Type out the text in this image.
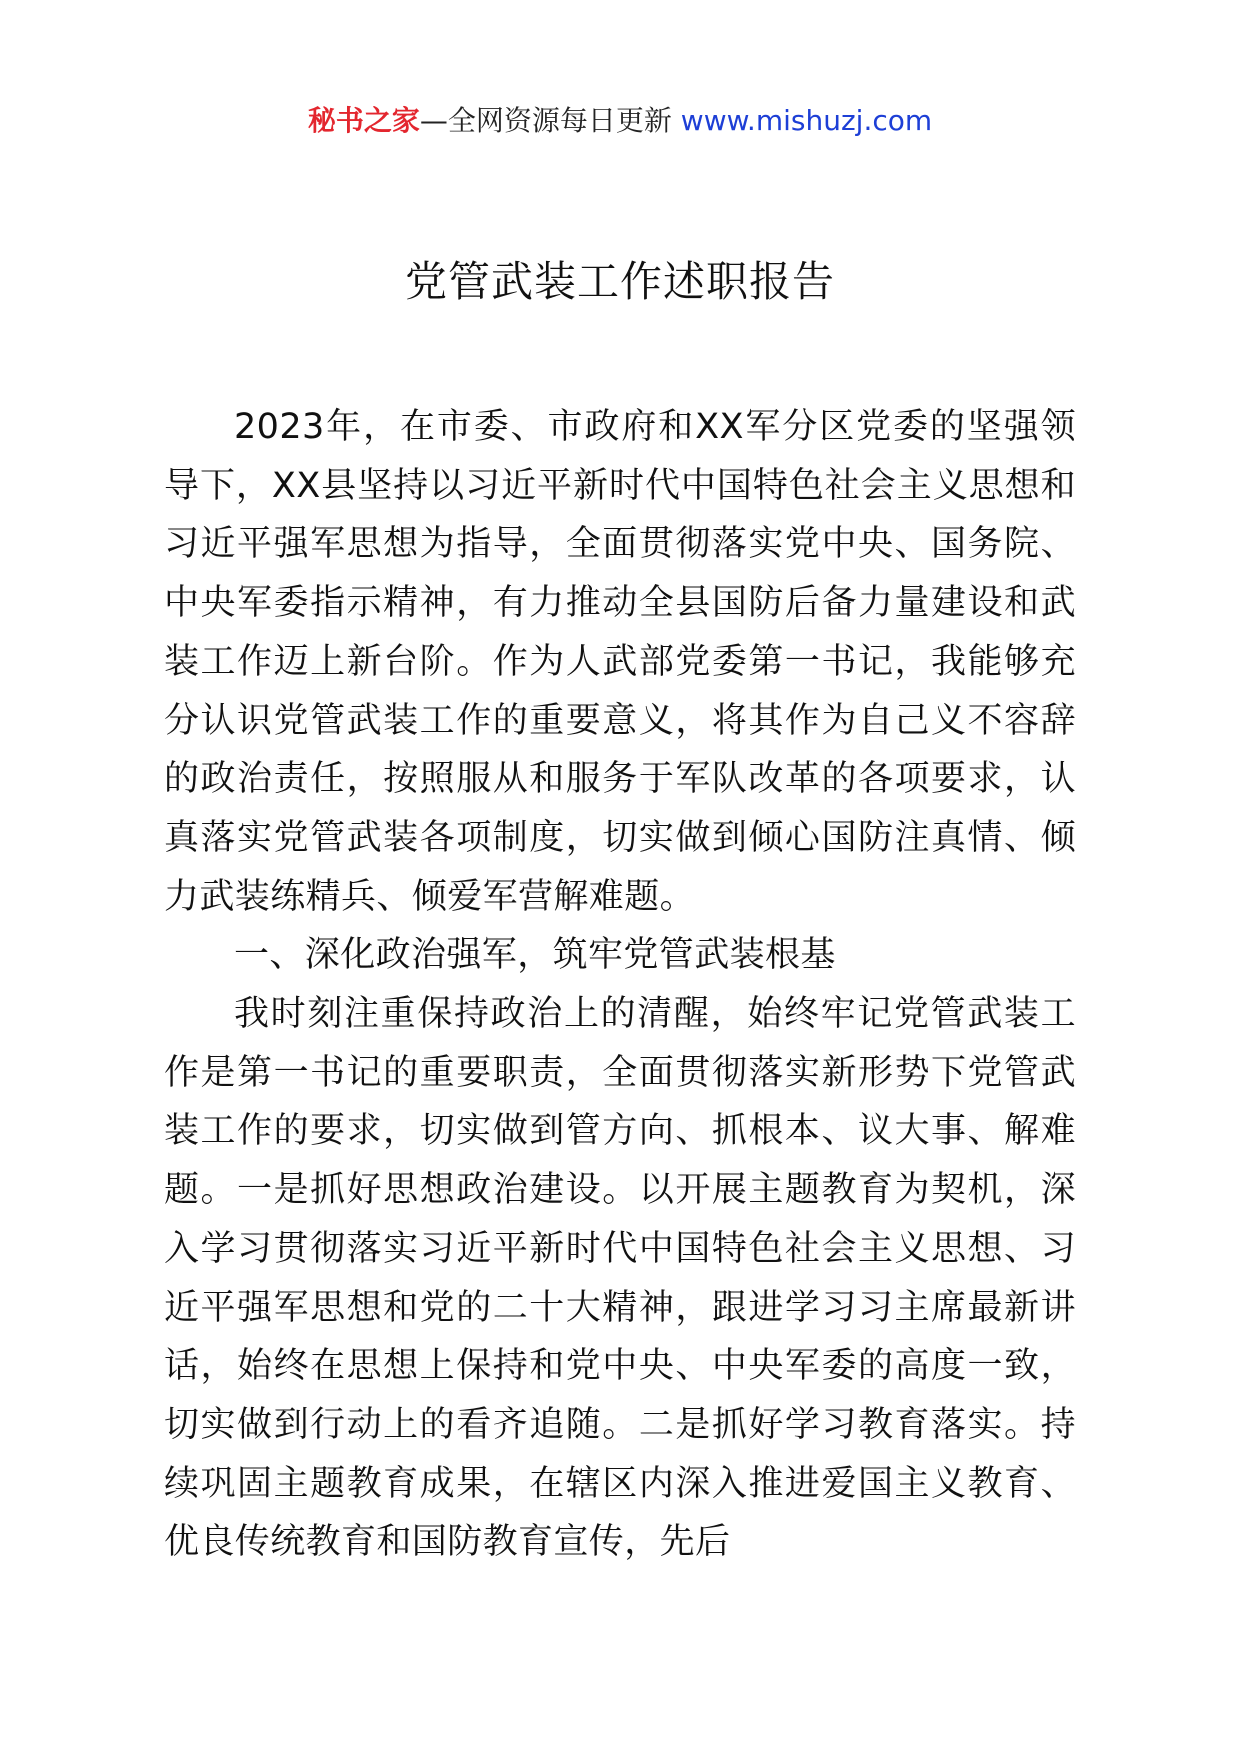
秘书之家—全网资源每日更新 www.mishuzj.com
党管武装工作述职报告

2023年，在市委、市政府和XX军分区党委的坚强领导下，XX县坚持以习近平新时代中国特色社会主义思想和习近平强军思想为指导，全面贯彻落实党中央、国务院、中央军委指示精神，有力推动全县国防后备力量建设和武装工作迈上新台阶。作为人武部党委第一书记，我能够充分认识党管武装工作的重要意义，将其作为自己义不容辞的政治责任，按照服从和服务于军队改革的各项要求，认真落实党管武装各项制度，切实做到倾心国防注真情、倾力武装练精兵、倾爱军营解难题。

一、深化政治强军，筑牢党管武装根基

我时刻注重保持政治上的清醒，始终牢记党管武装工作是第一书记的重要职责，全面贯彻落实新形势下党管武装工作的要求，切实做到管方向、抓根本、议大事、解难题。一是抓好思想政治建设。以开展主题教育为契机，深入学习贯彻落实习近平新时代中国特色社会主义思想、习近平强军思想和党的二十大精神，跟进学习习主席最新讲话，始终在思想上保持和党中央、中央军委的高度一致，切实做到行动上的看齐追随。二是抓好学习教育落实。持续巩固主题教育成果，在辖区内深入推进爱国主义教育、优良传统教育和国防教育宣传，先后
